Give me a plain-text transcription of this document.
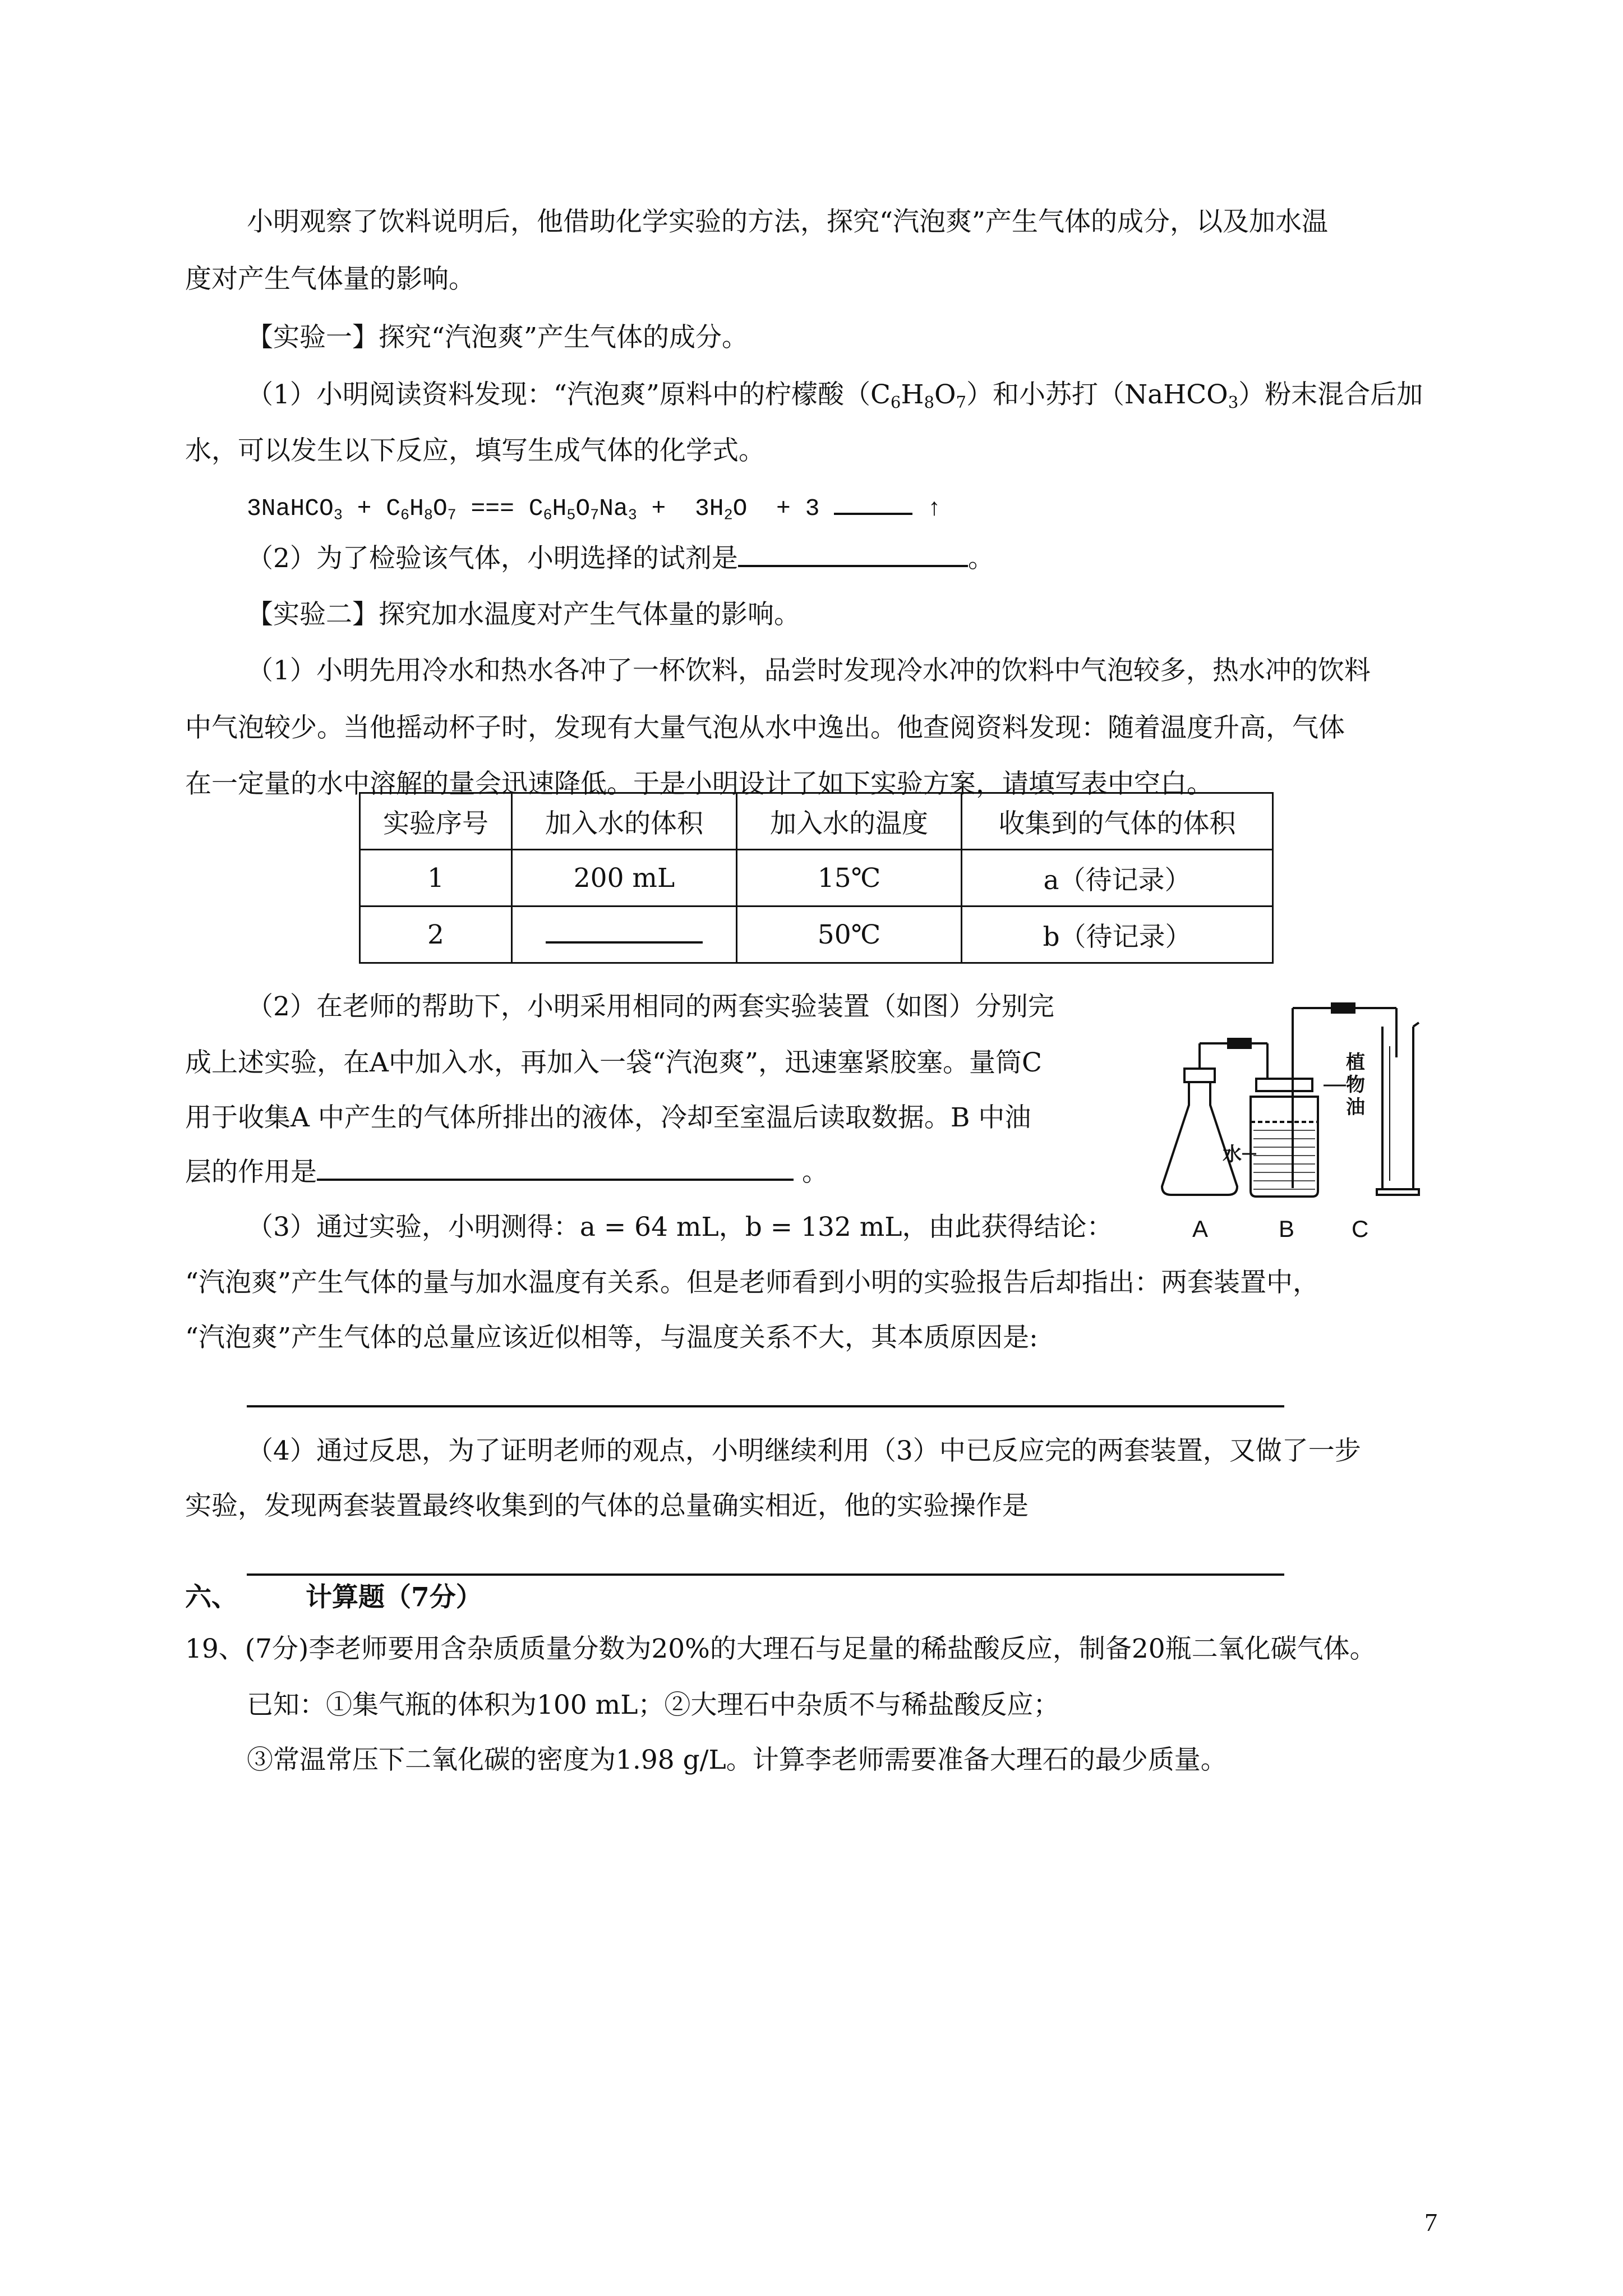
小明观察了饮料说明后，他借助化学实验的方法，探究“汽泡爽”产生气体的成分，以及加水温
度对产生气体量的影响。
【实验一】探究“汽泡爽”产生气体的成分。
（1）小明阅读资料发现：“汽泡爽”原料中的柠檬酸$(C_6H_8O_7)$和小苏打（NaHCO$_3$）粉末混合后加
水，可以发生以下反应，填写生成气体的化学式。
3NaHCO$_3$ + $C_6H_8O_7$ === $C_6H_5O_7Na_3 + 3H_2O + 3$	↑
（2）为了检验该气体，小明选择的试剂是	。
【实验二】探究加水温度对产生气体量的影响。
（1）小明先用冷水和热水各冲了一杯饮料，品尝时发现冷水冲的饮料中气泡较多，热水冲的饮料
中气泡较少。当他摇动杯子时，发现有大量气泡从水中逸出。他查阅资料发现：随着温度升高，气体
在一定量的水中溶解的量会迅速降低。于是小明设计了如下实验方案，请填写表中空白。
实验序号	加入水的体积	加入水的温度	收集到的气体的体积
1	200 mL	15℃	a（待记录）
2		50℃	b（待记录）
（2）在老师的帮助下，小明采用相同的两套实验装置（如图）分别完
成上述实验，在A中加入水，再加入一袋“汽泡爽”，迅速塞紧胶塞。量筒C
用于收集A 中产生的气体所排出的液体，冷却至室温后读取数据。B 中油
层的作用是	。
植
物
油
水
A	B C
（3）通过实验，小明测得：a = 64 mL，b = 132 mL，由此获得结论：
“汽泡爽”产生气体的量与加水温度有关系。但是老师看到小明的实验报告后却指出：两套装置中，
“汽泡爽”产生气体的总量应该近似相等，与温度关系不大，其本质原因是:
（4）通过反思，为了证明老师的观点，小明继续利用（3）中已反应完的两套装置，又做了一步
实验，发现两套装置最终收集到的气体的总量确实相近，他的实验操作是
六、	计算题（7分）
19、(7分)李老师要用含杂质质量分数为20%的大理石与足量的稀盐酸反应，制备20瓶二氧化碳气体。
已知：①集气瓶的体积为100 mL；②大理石中杂质不与稀盐酸反应；
③常温常压下二氧化碳的密度为1.98 g/L。计算李老师需要准备大理石的最少质量。
7
